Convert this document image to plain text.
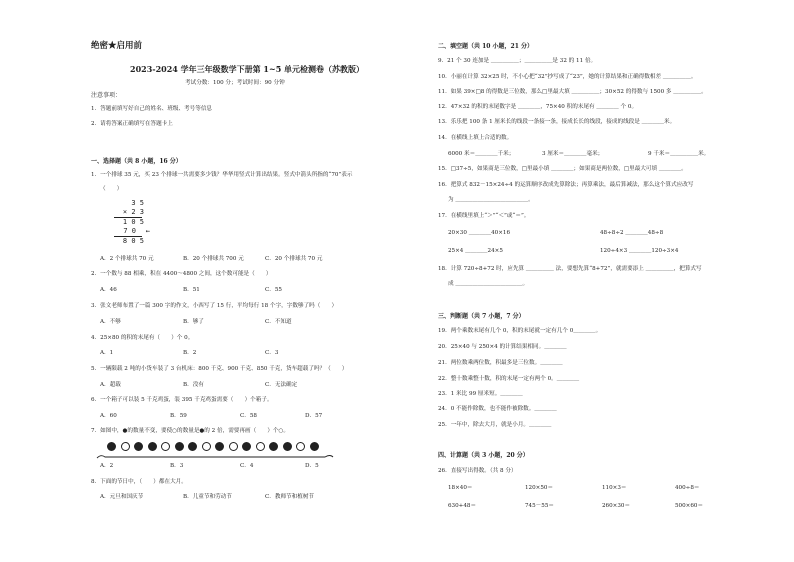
绝密★启用前
2023-2024 学年三年级数学下册第 1~5 单元检测卷（苏教版）
考试分数：100 分；考试时间：90 分钟
注意事项：
1．答题前填写好自己的姓名、班级、考号等信息
2．请将答案正确填写在答题卡上
一、选择题（共 8 小题，16 分）
1．一个排球 35 元，买 23 个排球一共需要多少钱？华华用竖式计算出结果。竖式中箭头所指的“70”表示
（　　）
3 5
× 2 3
1 0 5
7 0
←
8 0 5
A．2 个排球共 70 元	B．20 个排球共 700 元	C．20 个排球共 70 元
2．一个数与 88 相乘，积在 4400～4800 之间，这个数可能是（　　）
A．46	B．51	C．55
3．张文老师布置了一篇 300 字的作文，小西写了 15 行，平均每行 18 个字，字数够了吗（　　）
A．不够	B．够了	C．不知道
4．25×80 的积的末尾有（　　）个 0。
A．1	B．2	C．3
5．一辆限载 2 吨的小货车装了 3 台机床：800 千克、900 千克、850 千克，货车超载了吗？（　　）
A．超载	B．没有	C．无法确定
6．一个箱子可以装 5 千克鸡蛋，装 395 千克鸡蛋需要（　　）个箱子。
A．60	B．59	C．58	D．57
7．如图中，●的数量不变，要使○的数量是●的 2 倍，需要再画（　　）个○。
A．2	B．3	C．4	D．5
8．下面的节日中，（　　）都在大月。
A．元旦和国庆节	B．儿童节和劳动节	C．教师节和植树节
二、填空题（共 10 小题，21 分）
9．21 个 30 连加是 ＿＿＿＿＿；＿＿＿＿＿是 32 的 11 倍。
10．小丽在计算 32×25 时，不小心把“32”抄写成了“23”，她的计算结果和正确得数相差 ＿＿＿＿＿。
11．如果 39×□8 的得数是三位数，那么□里最大填 ＿＿＿＿＿；30×52 的得数与 1500 多 ＿＿＿＿＿。
12．47×32 的积的末尾数字是 ＿＿＿＿，75×40 积的末尾有 ＿＿＿＿ 个 0。
13．乐乐把 100 条 1 厘米长的线段一条接一条，接成长长的线段，接成的线段是 ＿＿＿＿米。
14．在横线上填上合适的数。
6000 米＝＿＿＿＿千米；	3 厘米＝＿＿＿＿毫米；	9 千米＝＿＿＿＿＿米。
15．□37÷5，如果商是三位数，□里最小填 ＿＿＿＿；如果商是两位数，□里最大可填 ＿＿＿＿。
16．把算式 832－15×24÷4 的运算顺序改成先算除法；再算乘法，最后算减法，那么这个算式应改写
为 ＿＿＿＿＿＿＿＿＿＿＿＿＿。
17．在横线里填上“＞”“＜”或“＝”。
20×30 ＿＿＿＿40×16	48÷8÷2 ＿＿＿＿48÷8
25×4 ＿＿＿＿24×5	120÷4×3 ＿＿＿＿120÷3×4
18．计算 720÷8+72 时，应先算 ＿＿＿＿＿ 法，要想先算“8+72”，就需要添上 ＿＿＿＿＿，把算式写
成 ＿＿＿＿＿＿＿＿＿＿＿＿。
三、判断题（共 7 小题，7 分）
19．两个乘数末尾有几个 0，积的末尾就一定有几个 0＿＿＿＿。
20．25×40 与 250×4 的计算结果相同。＿＿＿＿
21．两位数乘两位数，积最多是三位数。＿＿＿＿
22．整十数乘整十数，积的末尾一定有两个 0。＿＿＿＿
23．1 米比 99 厘米短。＿＿＿＿
24．0 不能作除数，也不能作被除数。＿＿＿＿
25．一年中，除去大月，就是小月。＿＿＿＿
四、计算题（共 3 小题，20 分）
26．直接写出得数。（共 8 分）
18×40＝	120×50＝	110×3＝	400÷8＝
630+48＝	745－55＝	260×30＝	500×60＝
